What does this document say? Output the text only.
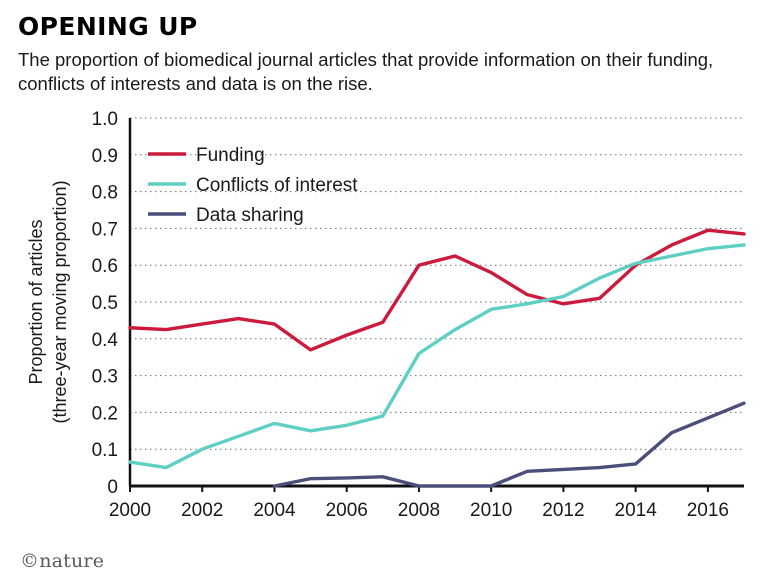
OPENING UP

The proportion of biomedical journal articles that provide information on their funding, conflicts of interests and data is on the rise.

0
0.1
0.2
0.3
0.4
0.5
0.6
0.7
0.8
0.9
1.0
2000 2002 2004 2006 2008 2010 2012 2014 2016
Funding
Conflicts of interest
Data sharing
Proportion of articles (three-year moving proportion)
©nature
